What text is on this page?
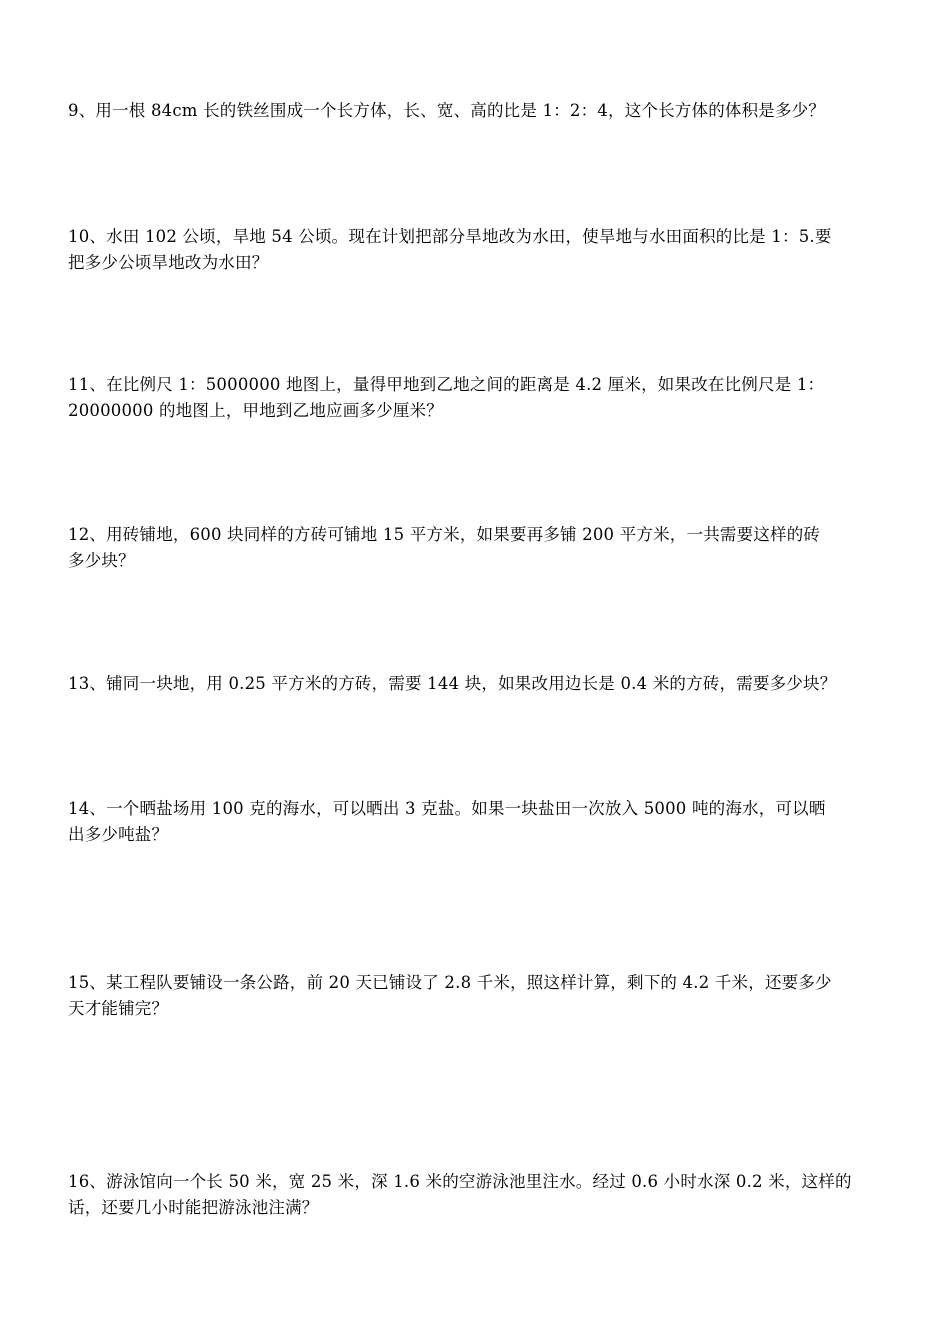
9、用一根 84cm 长的铁丝围成一个长方体，长、宽、高的比是 1：2：4，这个长方体的体积是多少？

10、水田 102 公顷，旱地 54 公顷。现在计划把部分旱地改为水田，使旱地与水田面积的比是 1：5.要
把多少公顷旱地改为水田？

11、在比例尺 1：5000000 地图上，量得甲地到乙地之间的距离是 4.2 厘米，如果改在比例尺是 1：
20000000 的地图上，甲地到乙地应画多少厘米？

12、用砖铺地，600 块同样的方砖可铺地 15 平方米，如果要再多铺 200 平方米，一共需要这样的砖
多少块？

13、铺同一块地，用 0.25 平方米的方砖，需要 144 块，如果改用边长是 0.4 米的方砖，需要多少块？

14、一个晒盐场用 100 克的海水，可以晒出 3 克盐。如果一块盐田一次放入 5000 吨的海水，可以晒
出多少吨盐？

15、某工程队要铺设一条公路，前 20 天已铺设了 2.8 千米，照这样计算，剩下的 4.2 千米，还要多少
天才能铺完？

16、游泳馆向一个长 50 米，宽 25 米，深 1.6 米的空游泳池里注水。经过 0.6 小时水深 0.2 米，这样的
话，还要几小时能把游泳池注满？
